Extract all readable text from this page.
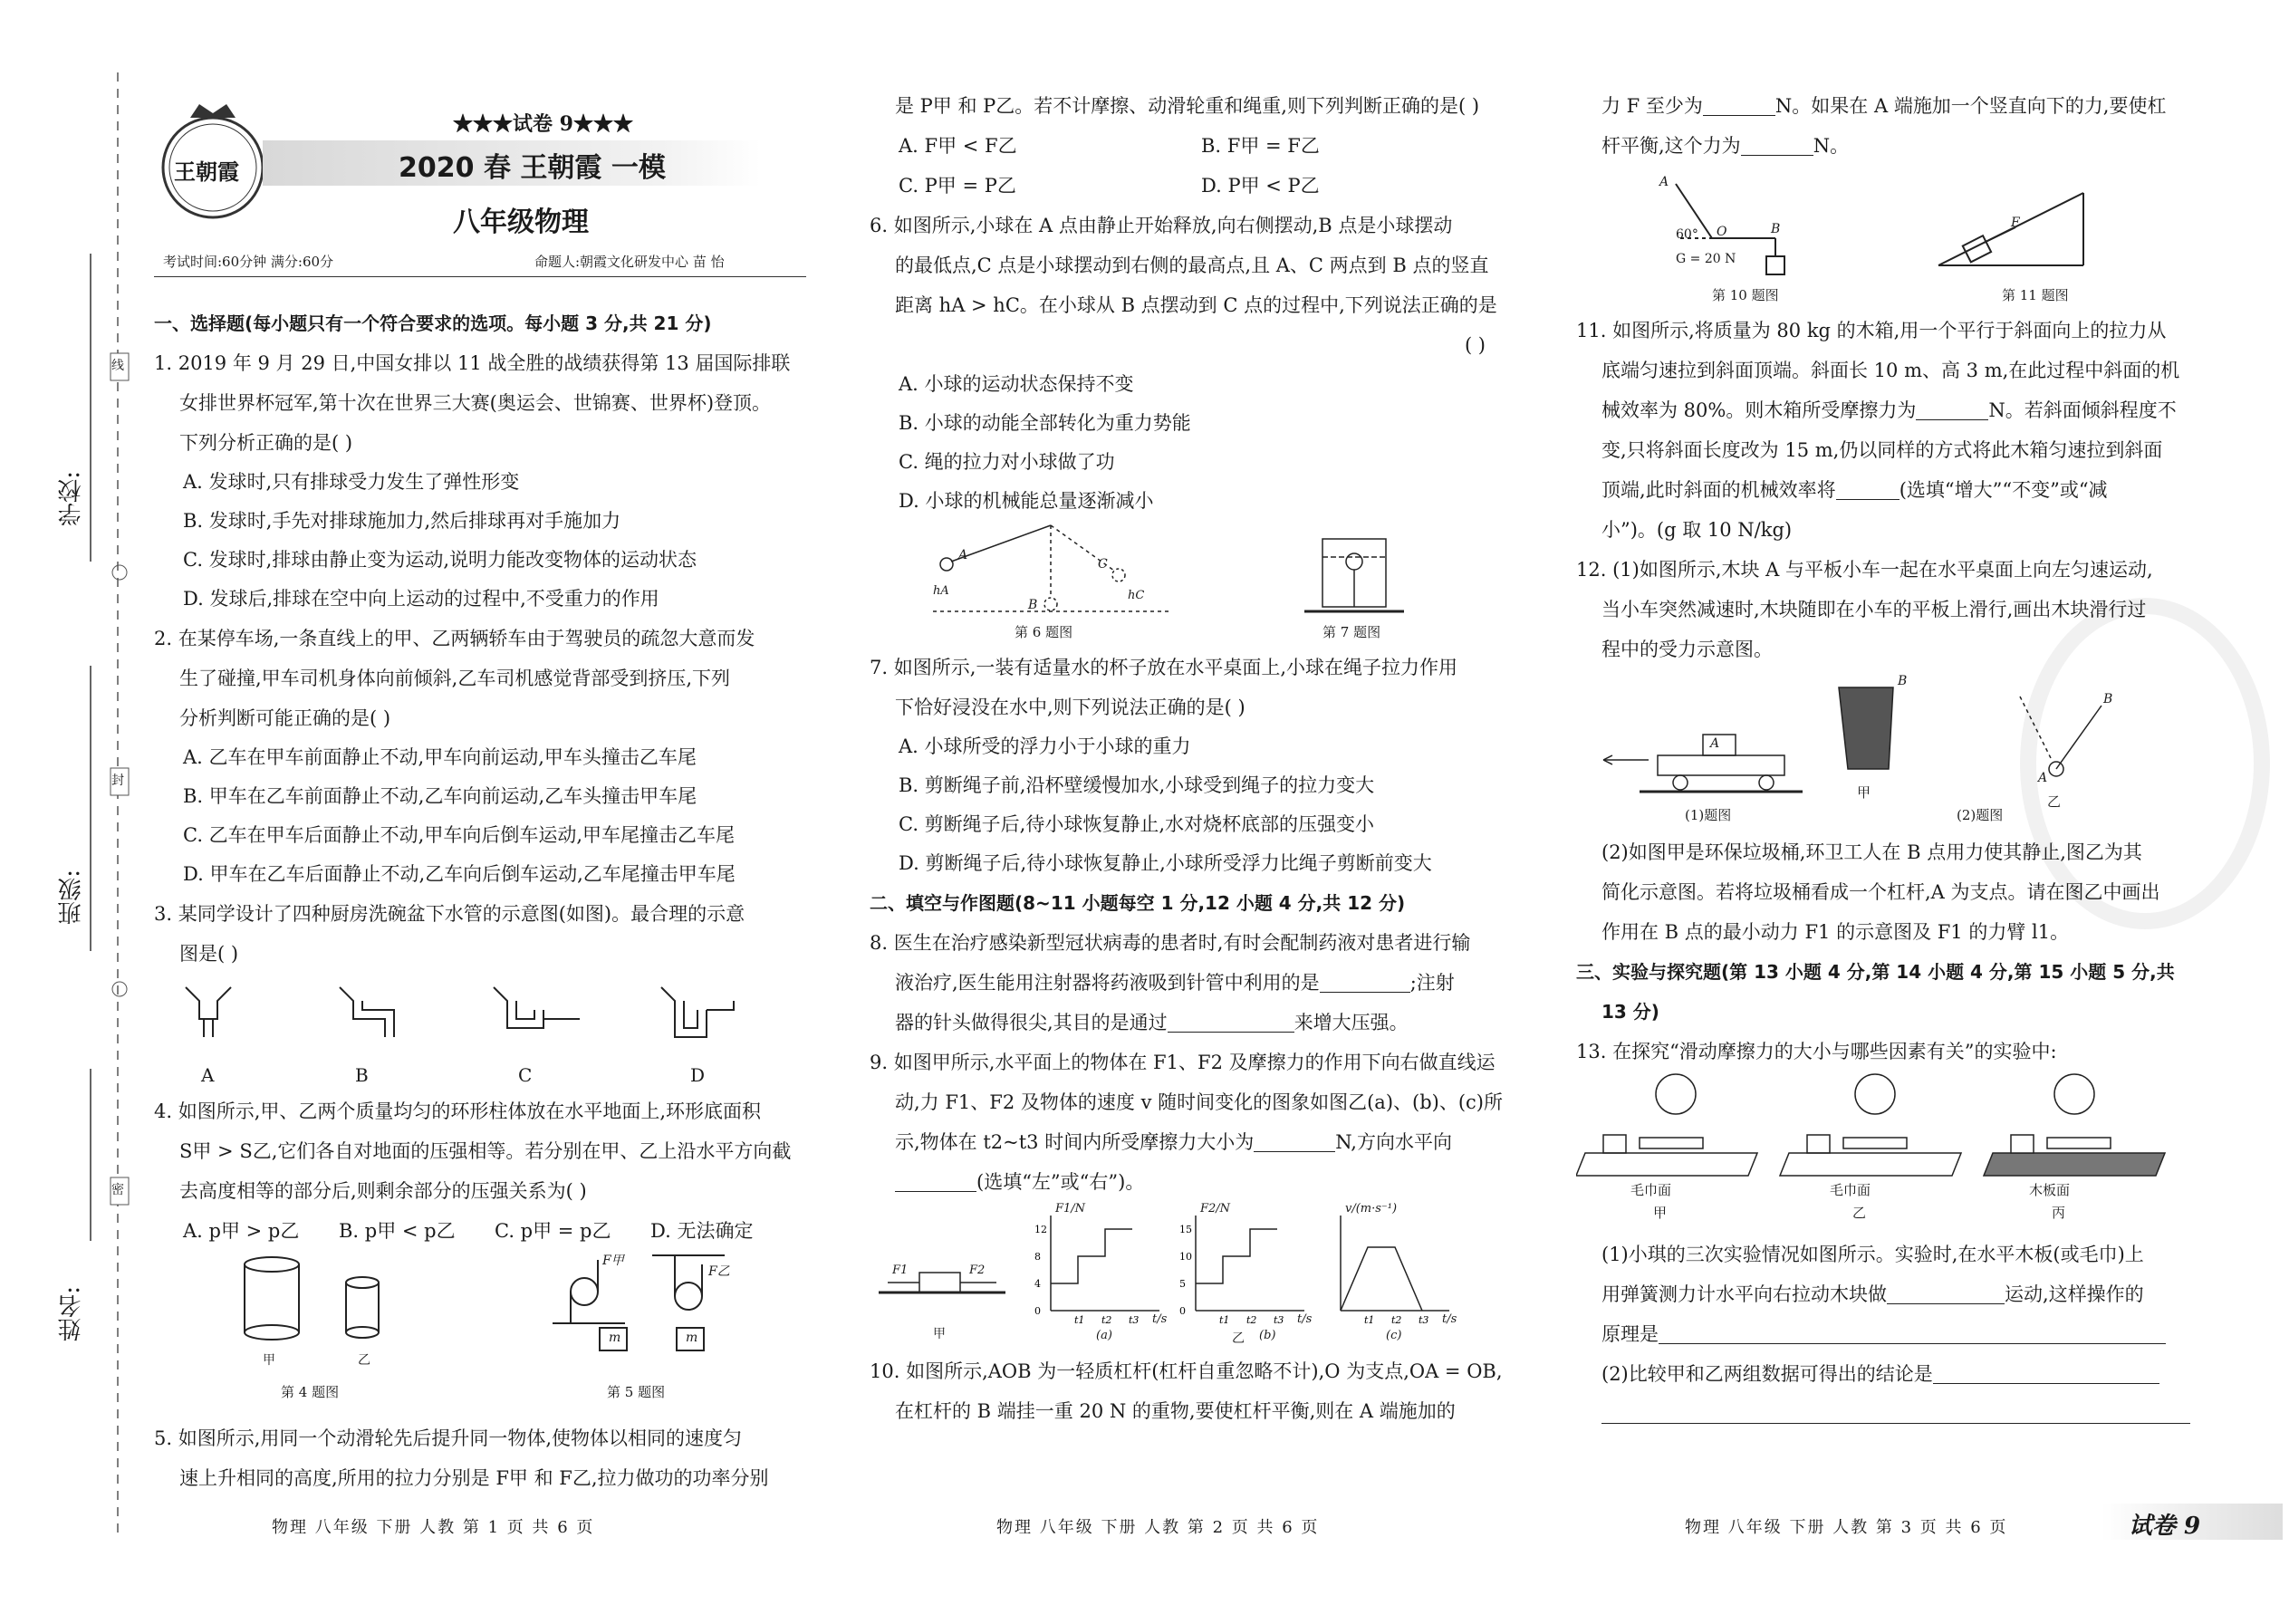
线
封
密
学校:
班级:
姓名:
王朝霞
★★★试卷 9★★★
2020 春 王朝霞 一模
八年级物理
考试时间:60分钟 满分:60分	命题人:朝霞文化研发中心 苗 怡

一、选择题(每小题只有一个符合要求的选项。每小题 3 分,共 21 分)

1. 2019 年 9 月 29 日,中国女排以 11 战全胜的战绩获得第 13 届国际排联

女排世界杯冠军,第十次在世界三大赛(奥运会、世锦赛、世界杯)登顶。

下列分析正确的是( )

A. 发球时,只有排球受力发生了弹性形变

B. 发球时,手先对排球施加力,然后排球再对手施加力

C. 发球时,排球由静止变为运动,说明力能改变物体的运动状态

D. 发球后,排球在空中向上运动的过程中,不受重力的作用

2. 在某停车场,一条直线上的甲、乙两辆轿车由于驾驶员的疏忽大意而发

生了碰撞,甲车司机身体向前倾斜,乙车司机感觉背部受到挤压,下列

分析判断可能正确的是( )

A. 乙车在甲车前面静止不动,甲车向前运动,甲车头撞击乙车尾

B. 甲车在乙车前面静止不动,乙车向前运动,乙车头撞击甲车尾

C. 乙车在甲车后面静止不动,甲车向后倒车运动,甲车尾撞击乙车尾

D. 甲车在乙车后面静止不动,乙车向后倒车运动,乙车尾撞击甲车尾

3. 某同学设计了四种厨房洗碗盆下水管的示意图(如图)。最合理的示意

图是( )

A	B	C	D

4. 如图所示,甲、乙两个质量均匀的环形柱体放在水平地面上,环形底面积

S甲 > S乙,它们各自对地面的压强相等。若分别在甲、乙上沿水平方向截

去高度相等的部分后,则剩余部分的压强关系为( )

A. p甲 > p乙	B. p甲 < p乙	C. p甲 = p乙	D. 无法确定
甲	乙
F甲
F乙
m	m
第 4 题图	第 5 题图

5. 如图所示,用同一个动滑轮先后提升同一物体,使物体以相同的速度匀

速上升相同的高度,所用的拉力分别是 F甲 和 F乙,拉力做功的功率分别

是 P甲 和 P乙。若不计摩擦、动滑轮重和绳重,则下列判断正确的是( )

A. F甲 < F乙	B. F甲 = F乙
C. P甲 = P乙	D. P甲 < P乙

6. 如图所示,小球在 A 点由静止开始释放,向右侧摆动,B 点是小球摆动

的最低点,C 点是小球摆动到右侧的最高点,且 A、C 两点到 B 点的竖直

距离 hA > hC。在小球从 B 点摆动到 C 点的过程中,下列说法正确的是

( )

A. 小球的运动状态保持不变

B. 小球的动能全部转化为重力势能

C. 绳的拉力对小球做了功

D. 小球的机械能总量逐渐减小

A
B
C
hA	hC
第 6 题图	第 7 题图

7. 如图所示,一装有适量水的杯子放在水平桌面上,小球在绳子拉力作用

下恰好浸没在水中,则下列说法正确的是( )

A. 小球所受的浮力小于小球的重力

B. 剪断绳子前,沿杯壁缓慢加水,小球受到绳子的拉力变大

C. 剪断绳子后,待小球恢复静止,水对烧杯底部的压强变小

D. 剪断绳子后,待小球恢复静止,小球所受浮力比绳子剪断前变大

二、填空与作图题(8~11 小题每空 1 分,12 小题 4 分,共 12 分)

8. 医生在治疗感染新型冠状病毒的患者时,有时会配制药液对患者进行输

液治疗,医生能用注射器将药液吸到针管中利用的是	;注射

器的针头做得很尖,其目的是通过	来增大压强。

9. 如图甲所示,水平面上的物体在 F1、F2 及摩擦力的作用下向右做直线运

动,力 F1、F2 及物体的速度 v 随时间变化的图象如图乙(a)、(b)、(c)所

示,物体在 t2~t3 时间内所受摩擦力大小为	N,方向水平向

(选填“左”或“右”)。

0
4
8
12
t1 t2 t3
0
5
10
15
t1 t2 t3	t1 t2 t3
F1	F2
甲	乙
F1/N	F2/N	v/(m·s⁻¹)
t/s	t/s	t/s
(a)	(b)	(c)

10. 如图所示,AOB 为一轻质杠杆(杠杆自重忽略不计),O 为支点,OA = OB,

在杠杆的 B 端挂一重 20 N 的重物,要使杠杆平衡,则在 A 端施加的

力 F 至少为	N。如果在 A 端施加一个竖直向下的力,要使杠

杆平衡,这个力为	N。

A
O	B
60°
G = 20 N
F
第 10 题图	第 11 题图

11. 如图所示,将质量为 80 kg 的木箱,用一个平行于斜面向上的拉力从

底端匀速拉到斜面顶端。斜面长 10 m、高 3 m,在此过程中斜面的机

械效率为 80%。则木箱所受摩擦力为	N。若斜面倾斜程度不

变,只将斜面长度改为 15 m,仍以同样的方式将此木箱匀速拉到斜面

顶端,此时斜面的机械效率将	(选填“增大”“不变”或“减

小”)。(g 取 10 N/kg)

12. (1)如图所示,木块 A 与平板小车一起在水平桌面上向左匀速运动,

当小车突然减速时,木块随即在小车的平板上滑行,画出木块滑行过

程中的受力示意图。

A
B
B
A
(1)题图
甲
乙
(2)题图

(2)如图甲是环保垃圾桶,环卫工人在 B 点用力使其静止,图乙为其

简化示意图。若将垃圾桶看成一个杠杆,A 为支点。请在图乙中画出

作用在 B 点的最小动力 F1 的示意图及 F1 的力臂 l1。

三、实验与探究题(第 13 小题 4 分,第 14 小题 4 分,第 15 小题 5 分,共

13 分)

13. 在探究“滑动摩擦力的大小与哪些因素有关”的实验中:

毛巾面	毛巾面	木板面
甲	乙	丙

(1)小琪的三次实验情况如图所示。实验时,在水平木板(或毛巾)上

用弹簧测力计水平向右拉动木块做	运动,这样操作的

原理是

(2)比较甲和乙两组数据可得出的结论是

物理 八年级 下册 人教 第 1 页 共 6 页	物理 八年级 下册 人教 第 2 页 共 6 页	物理 八年级 下册 人教 第 3 页 共 6 页	试卷 9
